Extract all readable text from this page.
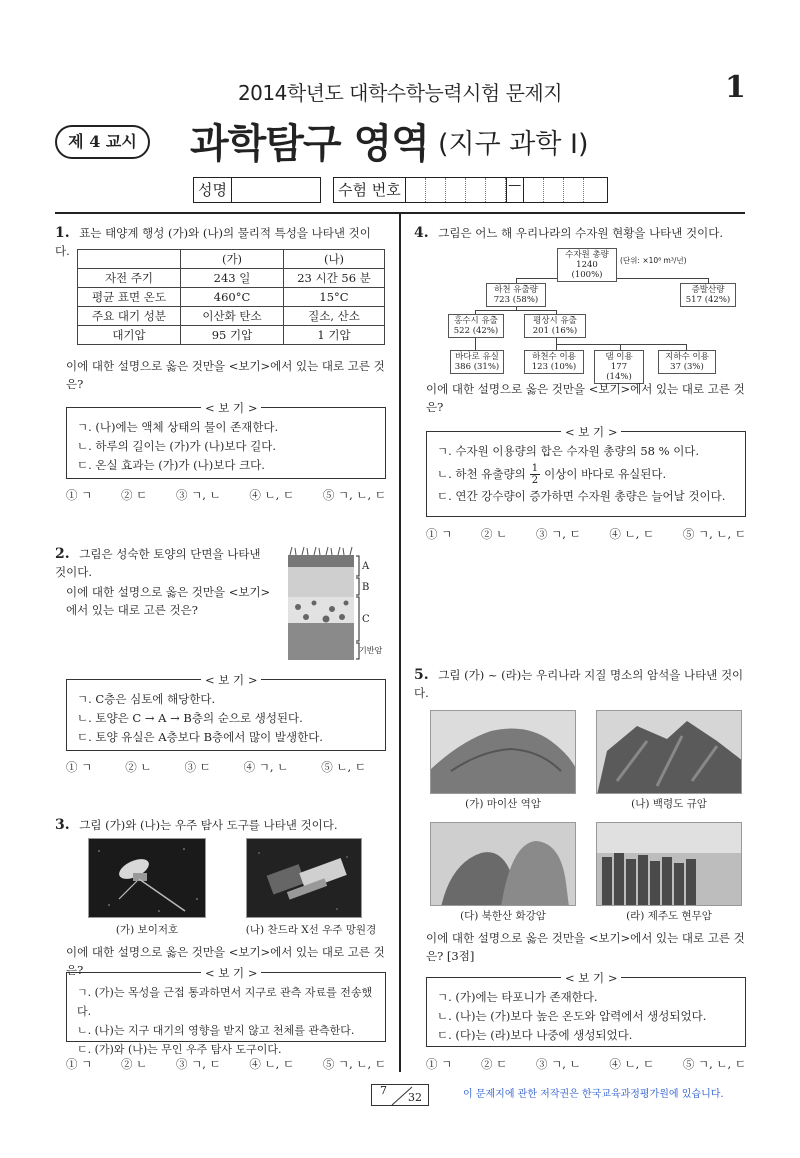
2014학년도 대학수학능력시험 문제지	1
제 4 교시	과학탐구 영역 (지구 과학 Ⅰ)
성명	수험 번호	—
1. 표는 태양계 행성 (가)와 (나)의 물리적 특성을 나타낸 것이다.
	(가)	(나)
자전 주기	243 일	23 시간 56 분
평균 표면 온도	460°C	15°C
주요 대기 성분	이산화 탄소	질소, 산소
대기압	95 기압	1 기압
이에 대한 설명으로 옳은 것만을 <보기>에서 있는 대로 고른 것은?
< 보 기 >
ㄱ. (나)에는 액체 상태의 물이 존재한다.
ㄴ. 하루의 길이는 (가)가 (나)보다 길다.
ㄷ. 온실 효과는 (가)가 (나)보다 크다.
① ㄱ ② ㄷ ③ ㄱ, ㄴ ④ ㄴ, ㄷ ⑤ ㄱ, ㄴ, ㄷ
2. 그림은 성숙한 토양의 단면을 나타낸 것이다.
이에 대한 설명으로 옳은 것만을 <보기>에서 있는 대로 고른 것은?
A
B
C
기반암
< 보 기 >
ㄱ. C층은 심토에 해당한다.
ㄴ. 토양은 C → A → B층의 순으로 생성된다.
ㄷ. 토양 유실은 A층보다 B층에서 많이 발생한다.
① ㄱ	② ㄴ	③ ㄷ	④ ㄱ, ㄴ	⑤ ㄴ, ㄷ
3. 그림 (가)와 (나)는 우주 탐사 도구를 나타낸 것이다.
(가) 보이저호	(나) 찬드라 X선 우주 망원경
이에 대한 설명으로 옳은 것만을 <보기>에서 있는 대로 고른 것은?	< 보 기 >
ㄱ. (가)는 목성을 근접 통과하면서 지구로 관측 자료를 전송했다.
ㄴ. (나)는 지구 대기의 영향을 받지 않고 천체를 관측한다.
ㄷ. (가)와 (나)는 무인 우주 탐사 도구이다.
① ㄱ ② ㄴ ③ ㄱ, ㄷ ④ ㄴ, ㄷ ⑤ ㄱ, ㄴ, ㄷ
4. 그림은 어느 해 우리나라의 수자원 현황을 나타낸 것이다.
수자원 총량
1240 (100%)
(단위: ×10⁸ m³/년)
하천 유출량
723 (58%)
증발산량
517 (42%)
홍수시 유출
522 (42%)
평상시 유출
201 (16%)
바다로 유실
386 (31%)
하천수 이용
123 (10%)
댐 이용
177 (14%)
지하수 이용
37 (3%)
이에 대한 설명으로 옳은 것만을 <보기>에서 있는 대로 고른 것은?
< 보 기 >
ㄱ. 수자원 이용량의 합은 수자원 총량의 58 % 이다.
ㄴ. 하천 유출량의 $\frac{1}{2}$ 이상이 바다로 유실된다.
ㄷ. 연간 강수량이 증가하면 수자원 총량은 늘어날 것이다.
① ㄱ ② ㄴ ③ ㄱ, ㄷ ④ ㄴ, ㄷ ⑤ ㄱ, ㄴ, ㄷ
5. 그림 (가) ~ (라)는 우리나라 지질 명소의 암석을 나타낸 것이다.
(가) 마이산 역암	(나) 백령도 규암
(다) 북한산 화강암	(라) 제주도 현무암
이에 대한 설명으로 옳은 것만을 <보기>에서 있는 대로 고른 것은? [3점]
< 보 기 >
ㄱ. (가)에는 타포니가 존재한다.
ㄴ. (나)는 (가)보다 높은 온도와 압력에서 생성되었다.
ㄷ. (다)는 (라)보다 나중에 생성되었다.
① ㄱ ② ㄷ ③ ㄱ, ㄴ ④ ㄴ, ㄷ ⑤ ㄱ, ㄴ, ㄷ
7
32	이 문제지에 관한 저작권은 한국교육과정평가원에 있습니다.
